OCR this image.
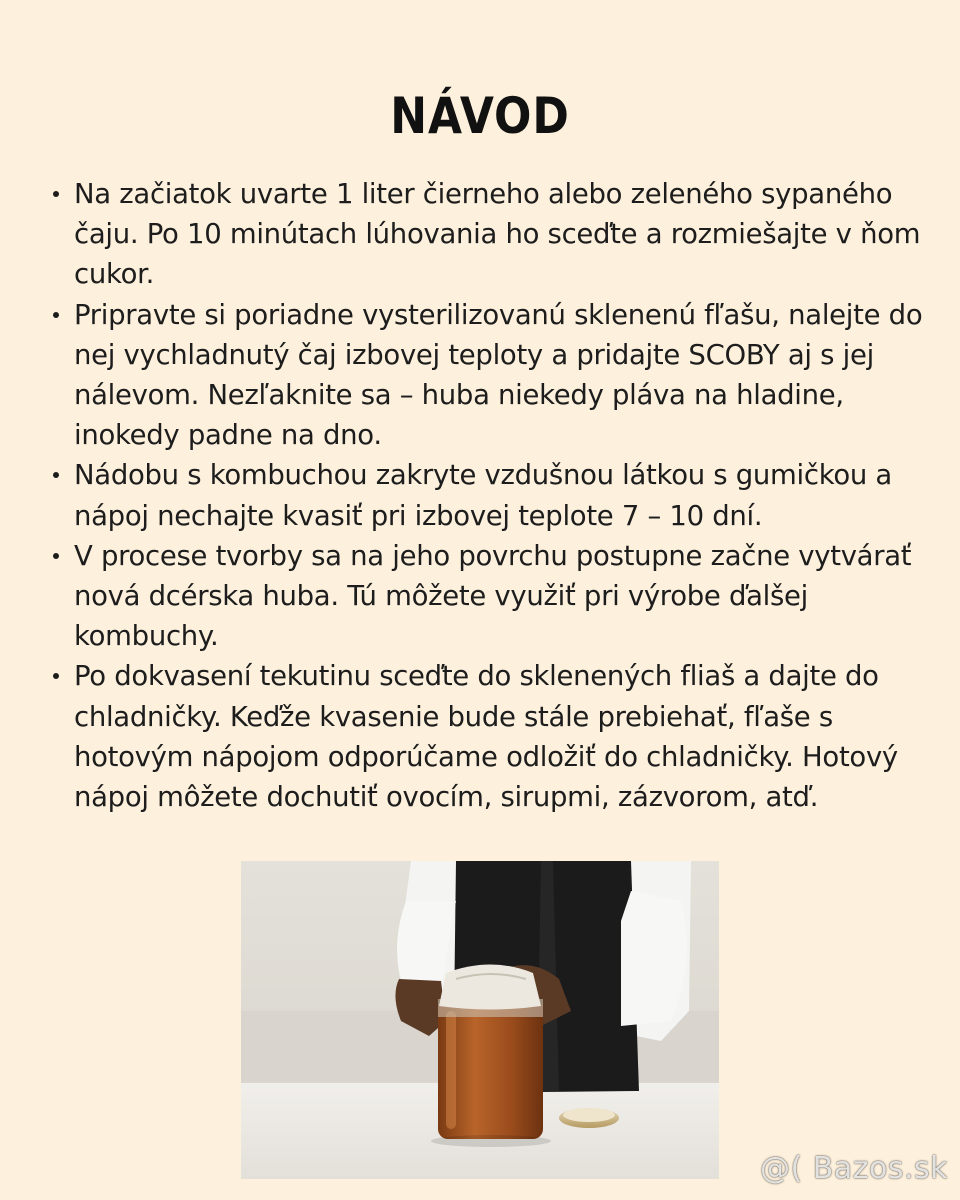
NÁVOD
Na začiatok uvarte 1 liter čierneho alebo zeleného sypaného čaju. Po 10 minútach lúhovania ho sceďte a rozmiešajte v ňom cukor.
Pripravte si poriadne vysterilizovanú sklenenú fľašu, nalejte do nej vychladnutý čaj izbovej teploty a pridajte SCOBY aj s jej nálevom. Nezľaknite sa – huba niekedy pláva na hladine, inokedy padne na dno.
Nádobu s kombuchou zakryte vzdušnou látkou s gumičkou a nápoj nechajte kvasiť pri izbovej teplote 7 – 10 dní.
V procese tvorby sa na jeho povrchu postupne začne vytvárať nová dcérska huba. Tú môžete využiť pri výrobe ďalšej kombuchy.
Po dokvasení tekutinu sceďte do sklenených fliaš a dajte do chladničky. Keďže kvasenie bude stále prebiehať, fľaše s hotovým nápojom odporúčame odložiť do chladničky. Hotový nápoj môžete dochutiť ovocím, sirupmi, zázvorom, atď.
@( Bazos.sk
